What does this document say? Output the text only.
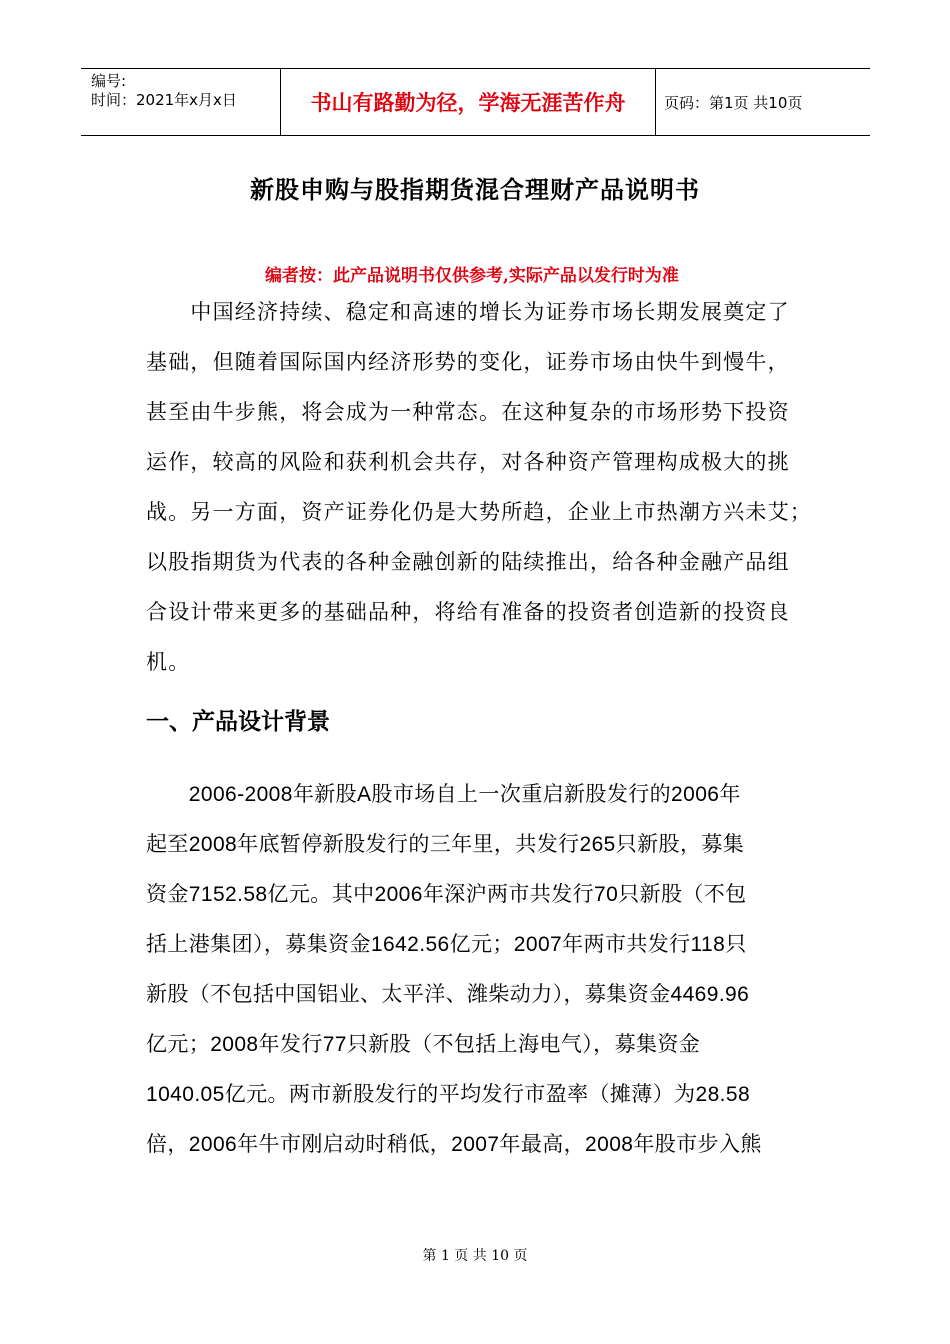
编号:
时间：2021年x月x日	书山有路勤为径，学海无涯苦作舟	页码：第1页 共10页
新股申购与股指期货混合理财产品说明书
编者按：此产品说明书仅供参考,实际产品以发行时为准
　　中国经济持续、稳定和高速的增长为证券市场长期发展奠定了
基础，但随着国际国内经济形势的变化，证券市场由快牛到慢牛，
甚至由牛步熊，将会成为一种常态。在这种复杂的市场形势下投资
运作，较高的风险和获利机会共存，对各种资产管理构成极大的挑
战。另一方面，资产证券化仍是大势所趋，企业上市热潮方兴未艾；
以股指期货为代表的各种金融创新的陆续推出，给各种金融产品组
合设计带来更多的基础品种，将给有准备的投资者创造新的投资良
机。
一、产品设计背景
　　2006-2008年新股A股市场自上一次重启新股发行的2006年
起至2008年底暂停新股发行的三年里，共发行265只新股，募集
资金7152.58亿元。其中2006年深沪两市共发行70只新股（不包
括上港集团），募集资金1642.56亿元；2007年两市共发行118只
新股（不包括中国铝业、太平洋、潍柴动力），募集资金4469.96
亿元；2008年发行77只新股（不包括上海电气），募集资金
1040.05亿元。两市新股发行的平均发行市盈率（摊薄）为28.58
倍，2006年牛市刚启动时稍低，2007年最高，2008年股市步入熊
第 1 页 共 10 页
